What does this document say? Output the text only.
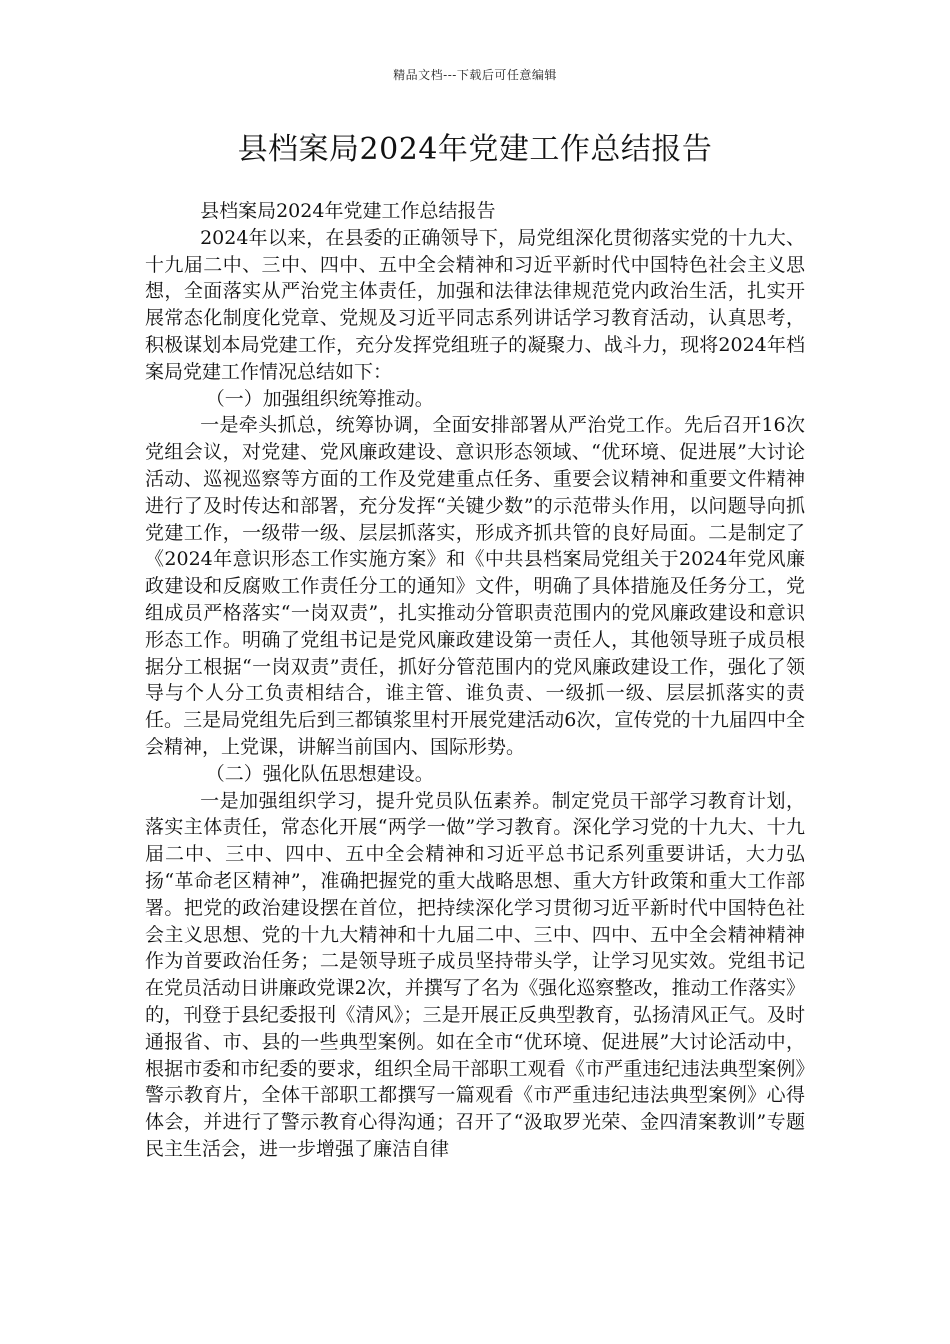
精品文档---下载后可任意编辑
县档案局2024年党建工作总结报告

县档案局2024年党建工作总结报告

2024年以来，在县委的正确领导下，局党组深化贯彻落实党的十九大、十九届二中、三中、四中、五中全会精神和习近平新时代中国特色社会主义思想，全面落实从严治党主体责任，加强和法律法律规范党内政治生活，扎实开展常态化制度化党章、党规及习近平同志系列讲话学习教育活动，认真思考，积极谋划本局党建工作，充分发挥党组班子的凝聚力、战斗力，现将2024年档案局党建工作情况总结如下：

（一）加强组织统筹推动。

一是牵头抓总，统筹协调，全面安排部署从严治党工作。先后召开16次党组会议，对党建、党风廉政建设、意识形态领域、“优环境、促进展”大讨论活动、巡视巡察等方面的工作及党建重点任务、重要会议精神和重要文件精神进行了及时传达和部署，充分发挥“关键少数”的示范带头作用，以问题导向抓党建工作，一级带一级、层层抓落实，形成齐抓共管的良好局面。二是制定了《2024年意识形态工作实施方案》和《中共县档案局党组关于2024年党风廉政建设和反腐败工作责任分工的通知》文件，明确了具体措施及任务分工，党组成员严格落实“一岗双责”，扎实推动分管职责范围内的党风廉政建设和意识形态工作。明确了党组书记是党风廉政建设第一责任人，其他领导班子成员根据分工根据“一岗双责”责任，抓好分管范围内的党风廉政建设工作，强化了领导与个人分工负责相结合，谁主管、谁负责、一级抓一级、层层抓落实的责任。三是局党组先后到三都镇浆里村开展党建活动6次，宣传党的十九届四中全会精神，上党课，讲解当前国内、国际形势。

（二）强化队伍思想建设。

一是加强组织学习，提升党员队伍素养。制定党员干部学习教育计划，落实主体责任，常态化开展“两学一做”学习教育。深化学习党的十九大、十九届二中、三中、四中、五中全会精神和习近平总书记系列重要讲话，大力弘扬“革命老区精神”，准确把握党的重大战略思想、重大方针政策和重大工作部署。把党的政治建设摆在首位，把持续深化学习贯彻习近平新时代中国特色社会主义思想、党的十九大精神和十九届二中、三中、四中、五中全会精神精神作为首要政治任务；二是领导班子成员坚持带头学，让学习见实效。党组书记在党员活动日讲廉政党课2次，并撰写了名为《强化巡察整改，推动工作落实》的，刊登于县纪委报刊《清风》；三是开展正反典型教育，弘扬清风正气。及时通报省、市、县的一些典型案例。如在全市“优环境、促进展”大讨论活动中，根据市委和市纪委的要求，组织全局干部职工观看《市严重违纪违法典型案例》警示教育片，全体干部职工都撰写一篇观看《市严重违纪违法典型案例》心得体会，并进行了警示教育心得沟通；召开了“汲取罗光荣、金四清案教训”专题民主生活会，进一步增强了廉洁自律
